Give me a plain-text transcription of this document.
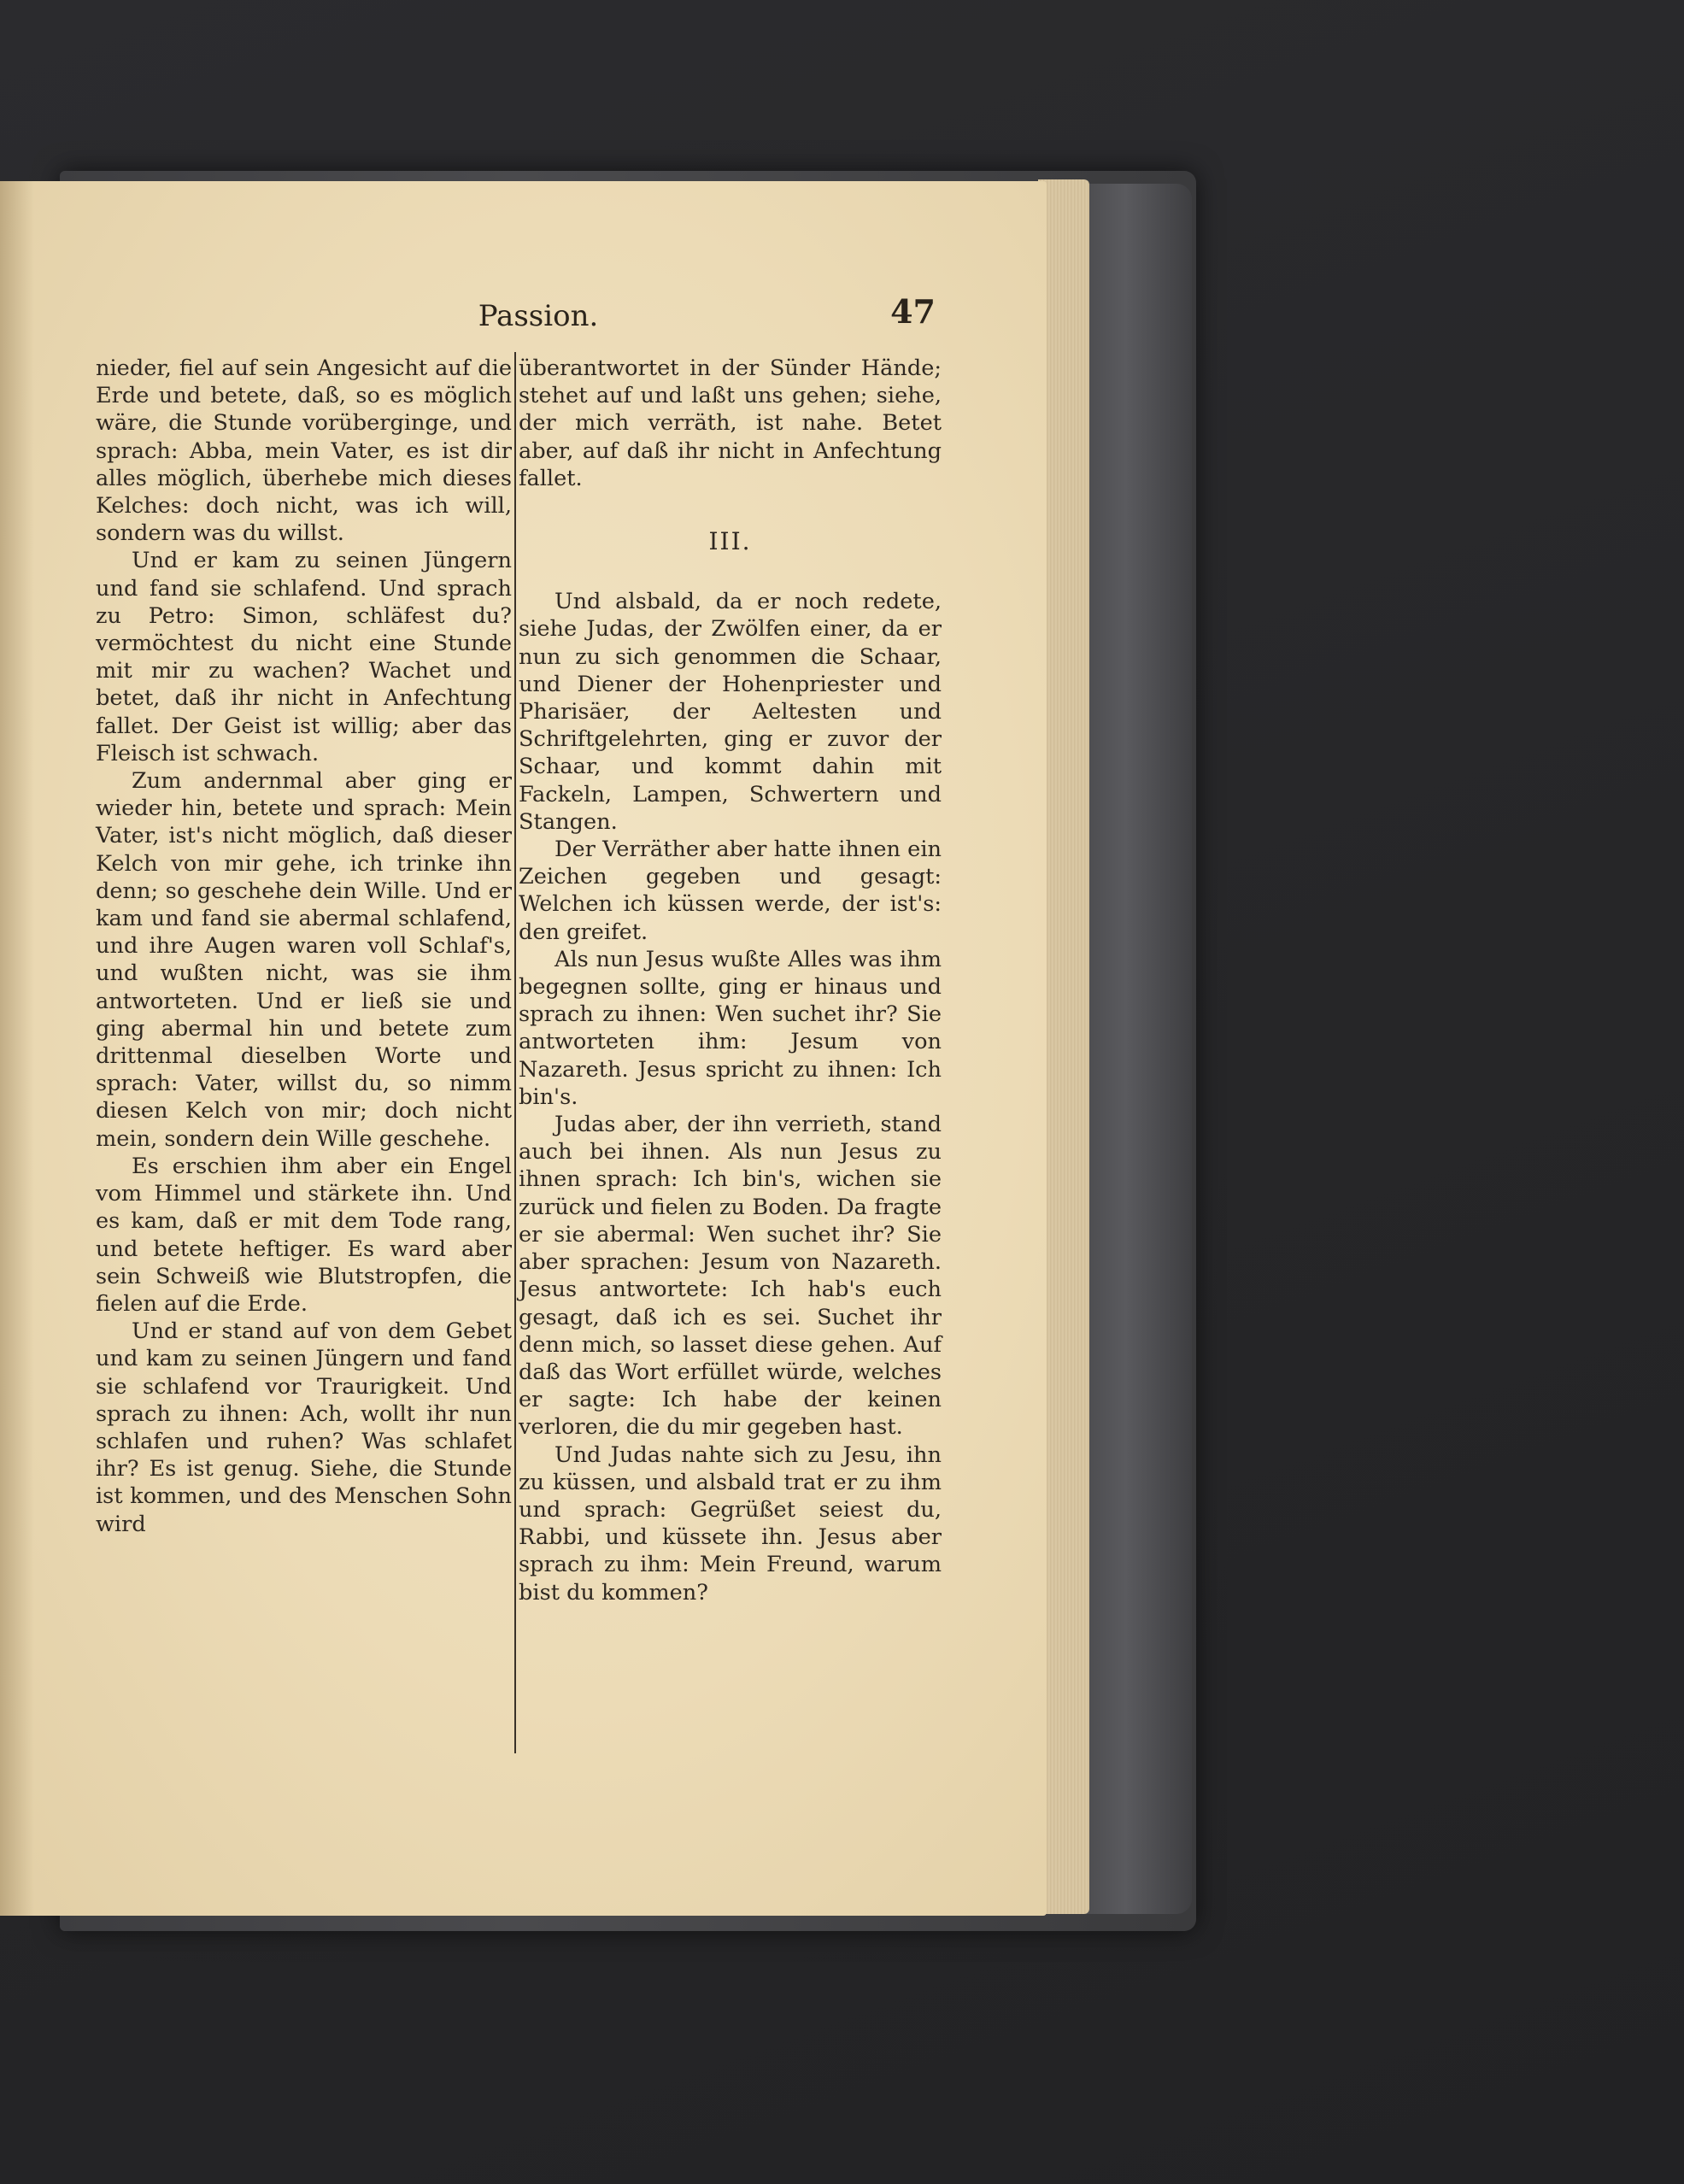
Passion.	47

nieder, fiel auf sein Angesicht auf die Erde und betete, daß, so es möglich wäre, die Stunde vorüberginge, und sprach: Abba, mein Vater, es ist dir alles möglich, überhebe mich dieses Kelches: doch nicht, was ich will, sondern was du willst.

Und er kam zu seinen Jüngern und fand sie schlafend. Und sprach zu Petro: Simon, schläfest du? vermöchtest du nicht eine Stunde mit mir zu wachen? Wachet und betet, daß ihr nicht in Anfechtung fallet. Der Geist ist willig; aber das Fleisch ist schwach.

Zum andernmal aber ging er wieder hin, betete und sprach: Mein Vater, ist's nicht möglich, daß dieser Kelch von mir gehe, ich trinke ihn denn; so geschehe dein Wille. Und er kam und fand sie abermal schlafend, und ihre Augen waren voll Schlaf's, und wußten nicht, was sie ihm antworteten. Und er ließ sie und ging abermal hin und betete zum drittenmal dieselben Worte und sprach: Vater, willst du, so nimm diesen Kelch von mir; doch nicht mein, sondern dein Wille geschehe.

Es erschien ihm aber ein Engel vom Himmel und stärkete ihn. Und es kam, daß er mit dem Tode rang, und betete heftiger. Es ward aber sein Schweiß wie Blutstropfen, die fielen auf die Erde.

Und er stand auf von dem Gebet und kam zu seinen Jüngern und fand sie schlafend vor Traurigkeit. Und sprach zu ihnen: Ach, wollt ihr nun schlafen und ruhen? Was schlafet ihr? Es ist genug. Siehe, die Stunde ist kommen, und des Menschen Sohn wird

überantwortet in der Sünder Hände; stehet auf und laßt uns gehen; siehe, der mich verräth, ist nahe. Betet aber, auf daß ihr nicht in Anfechtung fallet.

III.

Und alsbald, da er noch redete, siehe Judas, der Zwölfen einer, da er nun zu sich genommen die Schaar, und Diener der Hohenpriester und Pharisäer, der Aeltesten und Schriftgelehrten, ging er zuvor der Schaar, und kommt dahin mit Fackeln, Lampen, Schwertern und Stangen.

Der Verräther aber hatte ihnen ein Zeichen gegeben und gesagt: Welchen ich küssen werde, der ist's: den greifet.

Als nun Jesus wußte Alles was ihm begegnen sollte, ging er hinaus und sprach zu ihnen: Wen suchet ihr? Sie antworteten ihm: Jesum von Nazareth. Jesus spricht zu ihnen: Ich bin's.

Judas aber, der ihn verrieth, stand auch bei ihnen. Als nun Jesus zu ihnen sprach: Ich bin's, wichen sie zurück und fielen zu Boden. Da fragte er sie abermal: Wen suchet ihr? Sie aber sprachen: Jesum von Nazareth. Jesus antwortete: Ich hab's euch gesagt, daß ich es sei. Suchet ihr denn mich, so lasset diese gehen. Auf daß das Wort erfüllet würde, welches er sagte: Ich habe der keinen verloren, die du mir gegeben hast.

Und Judas nahte sich zu Jesu, ihn zu küssen, und alsbald trat er zu ihm und sprach: Gegrüßet seiest du, Rabbi, und küssete ihn. Jesus aber sprach zu ihm: Mein Freund, warum bist du kommen?
